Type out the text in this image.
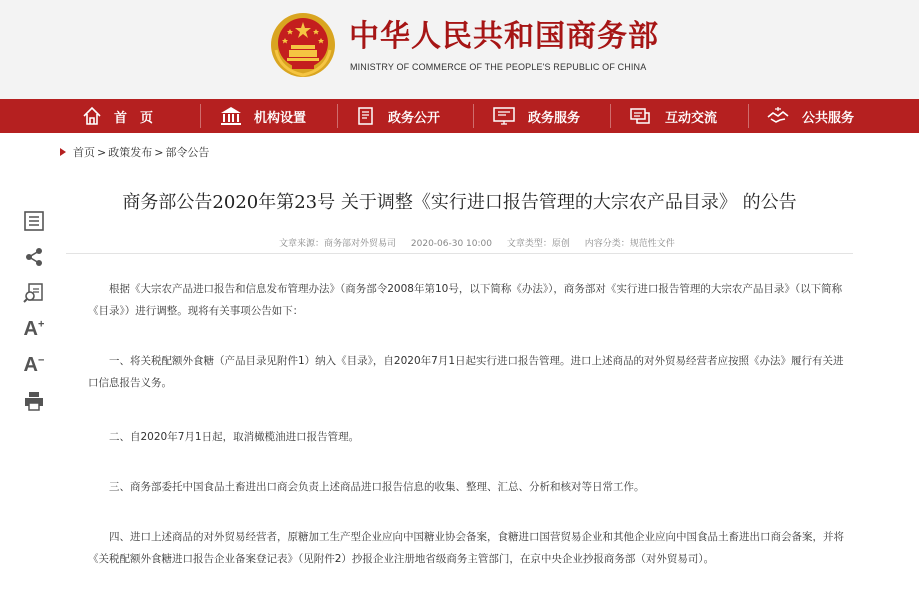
中华人民共和国商务部
MINISTRY OF COMMERCE OF THE PEOPLE'S REPUBLIC OF CHINA
首　页	机构设置	政务公开	政务服务	互动交流	公共服务
首页 > 政策发布 > 部令公告
A+
A−
商务部公告2020年第23号 关于调整《实行进口报告管理的大宗农产品目录》 的公告
文章来源：商务部对外贸易司 2020-06-30 10:00 文章类型：原创 内容分类：规范性文件
根据《大宗农产品进口报告和信息发布管理办法》（商务部令2008年第10号，以下简称《办法》），商务部对《实行进口报告管理的大宗农产品目录》（以下简称《目录》）进行调整。现将有关事项公告如下：
一、将关税配额外食糖（产品目录见附件1）纳入《目录》，自2020年7月1日起实行进口报告管理。进口上述商品的对外贸易经营者应按照《办法》履行有关进口信息报告义务。
二、自2020年7月1日起，取消橄榄油进口报告管理。
三、商务部委托中国食品土畜进出口商会负责上述商品进口报告信息的收集、整理、汇总、分析和核对等日常工作。
四、进口上述商品的对外贸易经营者，原糖加工生产型企业应向中国糖业协会备案，食糖进口国营贸易企业和其他企业应向中国食品土畜进出口商会备案，并将《关税配额外食糖进口报告企业备案登记表》（见附件2）抄报企业注册地省级商务主管部门，在京中央企业抄报商务部（对外贸易司）。
